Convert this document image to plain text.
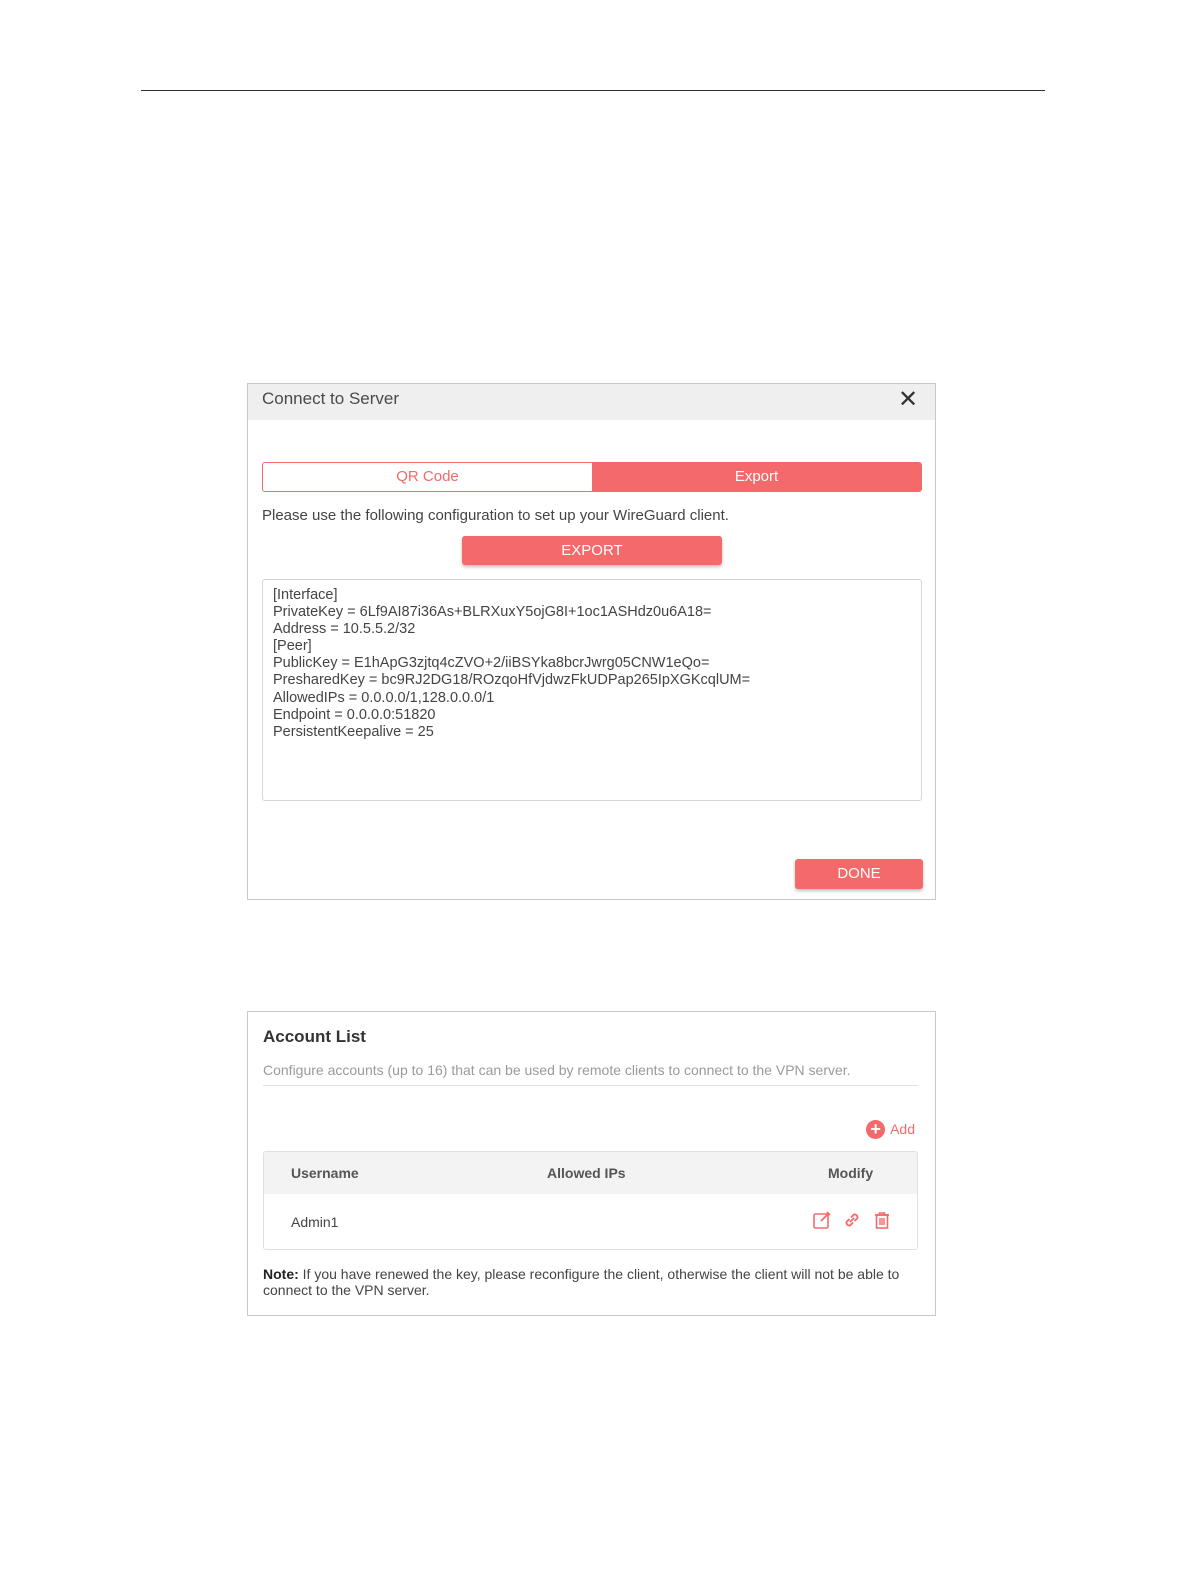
Connect to Server	✕
QR Code	Export
Please use the following configuration to set up your WireGuard client.
EXPORT
[Interface]
PrivateKey = 6Lf9AI87i36As+BLRXuxY5ojG8I+1oc1ASHdz0u6A18=
Address = 10.5.5.2/32
[Peer]
PublicKey = E1hApG3zjtq4cZVO+2/iiBSYka8bcrJwrg05CNW1eQo=
PresharedKey = bc9RJ2DG18/ROzqoHfVjdwzFkUDPap265IpXGKcqlUM=
AllowedIPs = 0.0.0.0/1,128.0.0.0/1
Endpoint = 0.0.0.0:51820
PersistentKeepalive = 25
DONE
Account List
Configure accounts (up to 16) that can be used by remote clients to connect to the VPN server.
+ Add
Username	Allowed IPs	Modify
Admin1
Note: If you have renewed the key, please reconfigure the client, otherwise the client will not be able to connect to the VPN server.
